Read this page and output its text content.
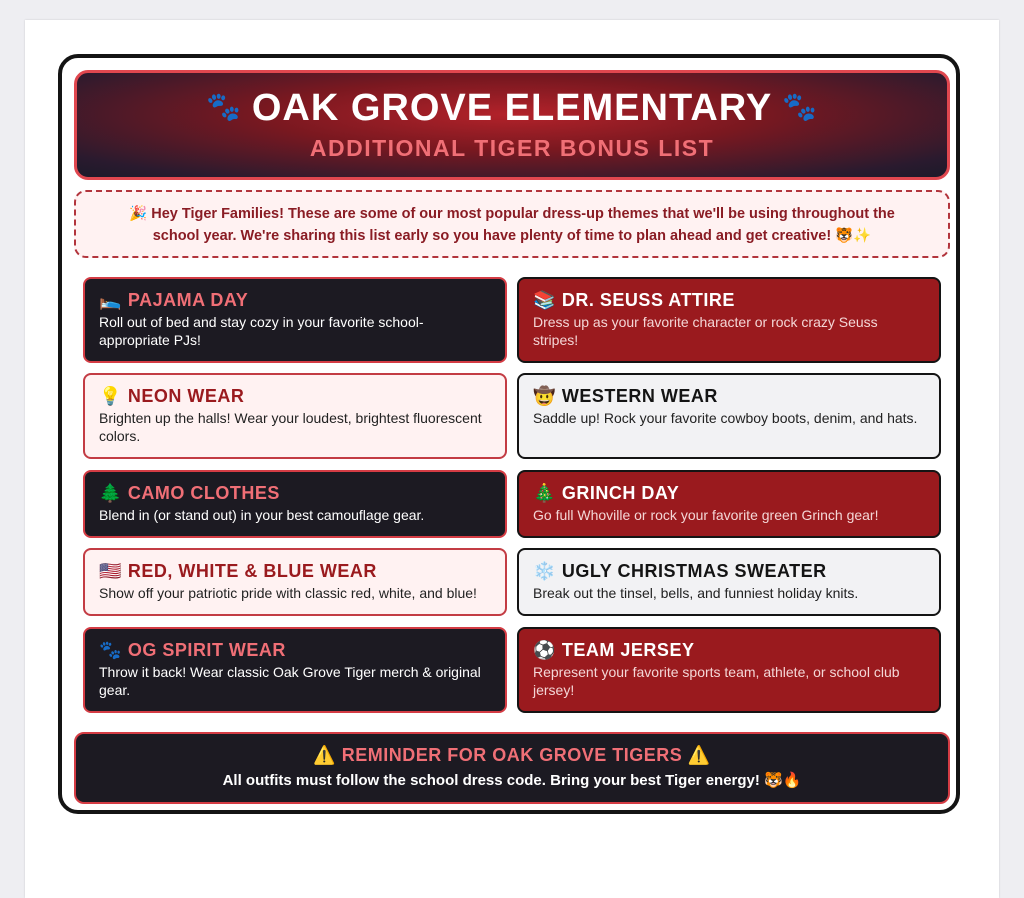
🐾 OAK GROVE ELEMENTARY 🐾
ADDITIONAL TIGER BONUS LIST
🎉 Hey Tiger Families! These are some of our most popular dress-up themes that we'll be using throughout the school year. We're sharing this list early so you have plenty of time to plan ahead and get creative! 🐯✨
🛌 PAJAMA DAY
Roll out of bed and stay cozy in your favorite school-appropriate PJs!
📚 DR. SEUSS ATTIRE
Dress up as your favorite character or rock crazy Seuss stripes!
💡 NEON WEAR
Brighten up the halls! Wear your loudest, brightest fluorescent colors.
🤠 WESTERN WEAR
Saddle up! Rock your favorite cowboy boots, denim, and hats.
🌲 CAMO CLOTHES
Blend in (or stand out) in your best camouflage gear.
🎄 GRINCH DAY
Go full Whoville or rock your favorite green Grinch gear!
🇺🇸 RED, WHITE & BLUE WEAR
Show off your patriotic pride with classic red, white, and blue!
❄️ UGLY CHRISTMAS SWEATER
Break out the tinsel, bells, and funniest holiday knits.
🐾 OG SPIRIT WEAR
Throw it back! Wear classic Oak Grove Tiger merch & original gear.
⚽ TEAM JERSEY
Represent your favorite sports team, athlete, or school club jersey!
⚠️ REMINDER FOR OAK GROVE TIGERS ⚠️
All outfits must follow the school dress code. Bring your best Tiger energy! 🐯🔥
